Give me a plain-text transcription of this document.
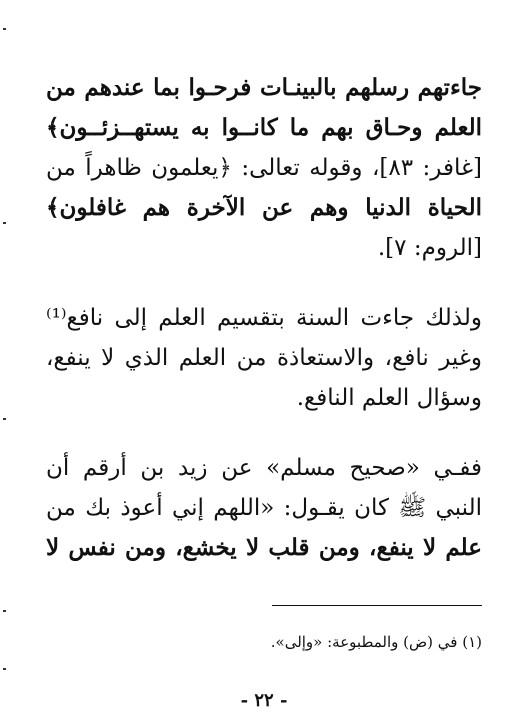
جاءتهم رسلهم بالبينـات فرحـوا بما عندهم من
العلم وحـاق بهم ما كانــوا به يستهــزئــون﴾
[غافر: ٨٣]، وقوله تعالى: ﴿يعلمون ظاهراً من
الحياة الدنيا وهم عن الآخرة هم غافلون﴾
[الروم: ٧].
ولذلك جاءت السنة بتقسيم العلم إلى نافع⁽¹⁾
وغير نافع، والاستعاذة من العلم الذي لا ينفع،
وسؤال العلم النافع.
ففـي «صحيح مسلم» عن زيد بن أرقم أن
النبي ﷺ كان يقـول: «اللهم إني أعوذ بك من
علم لا ينفع، ومن قلب لا يخشع، ومن نفس لا
(١) في (ض) والمطبوعة: «وإلى».
- ٢٢ -
